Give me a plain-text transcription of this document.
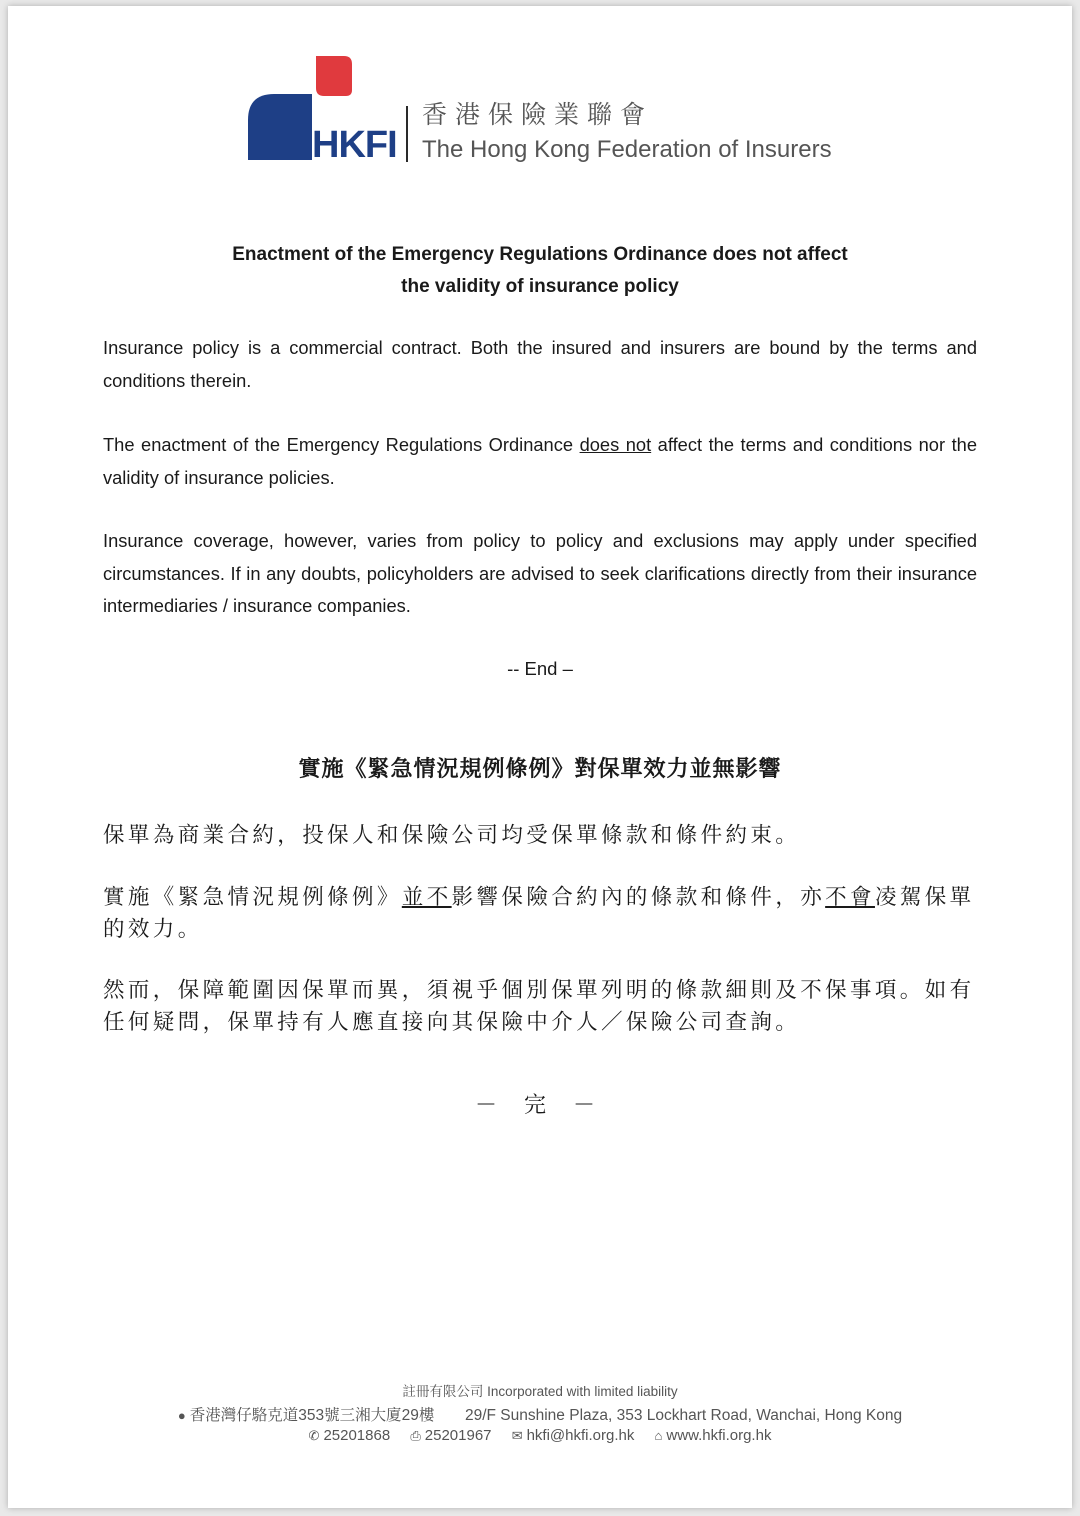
HKFI
香港保險業聯會
The Hong Kong Federation of Insurers
Enactment of the Emergency Regulations Ordinance does not affect
the validity of insurance policy

Insurance policy is a commercial contract. Both the insured and insurers are bound by the terms and conditions therein.

The enactment of the Emergency Regulations Ordinance does not affect the terms and conditions nor the validity of insurance policies.

Insurance coverage, however, varies from policy to policy and exclusions may apply under specified circumstances. If in any doubts, policyholders are advised to seek clarifications directly from their insurance intermediaries / insurance companies.

-- End –
實施《緊急情況規例條例》對保單效力並無影響

保單為商業合約，投保人和保險公司均受保單條款和條件約束。

實施《緊急情況規例條例》並不影響保險合約內的條款和條件，亦不會凌駕保單的效力。

然而，保障範圍因保單而異，須視乎個別保單列明的條款細則及不保事項。如有任何疑問，保單持有人應直接向其保險中介人／保險公司查詢。

－ 完 －
註冊有限公司 Incorporated with limited liability
● 香港灣仔駱克道353號三湘大廈29樓 29/F Sunshine Plaza, 353 Lockhart Road, Wanchai, Hong Kong
✆ 25201868 ⎙ 25201967 ✉ hkfi@hkfi.org.hk ⌂ www.hkfi.org.hk
